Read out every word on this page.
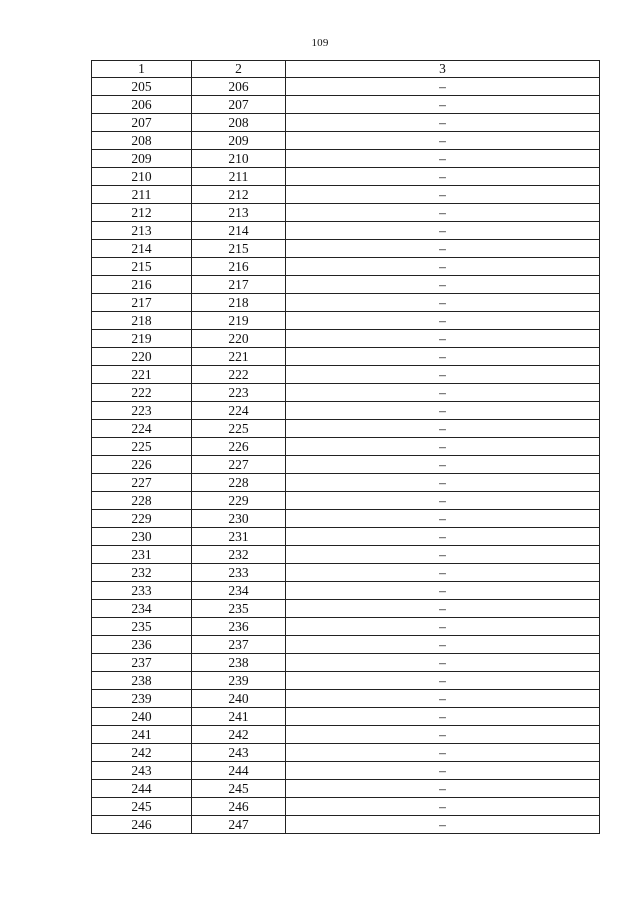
109
1	2	3
205	206	–
206	207	–
207	208	–
208	209	–
209	210	–
210	211	–
211	212	–
212	213	–
213	214	–
214	215	–
215	216	–
216	217	–
217	218	–
218	219	–
219	220	–
220	221	–
221	222	–
222	223	–
223	224	–
224	225	–
225	226	–
226	227	–
227	228	–
228	229	–
229	230	–
230	231	–
231	232	–
232	233	–
233	234	–
234	235	–
235	236	–
236	237	–
237	238	–
238	239	–
239	240	–
240	241	–
241	242	–
242	243	–
243	244	–
244	245	–
245	246	–
246	247	–
